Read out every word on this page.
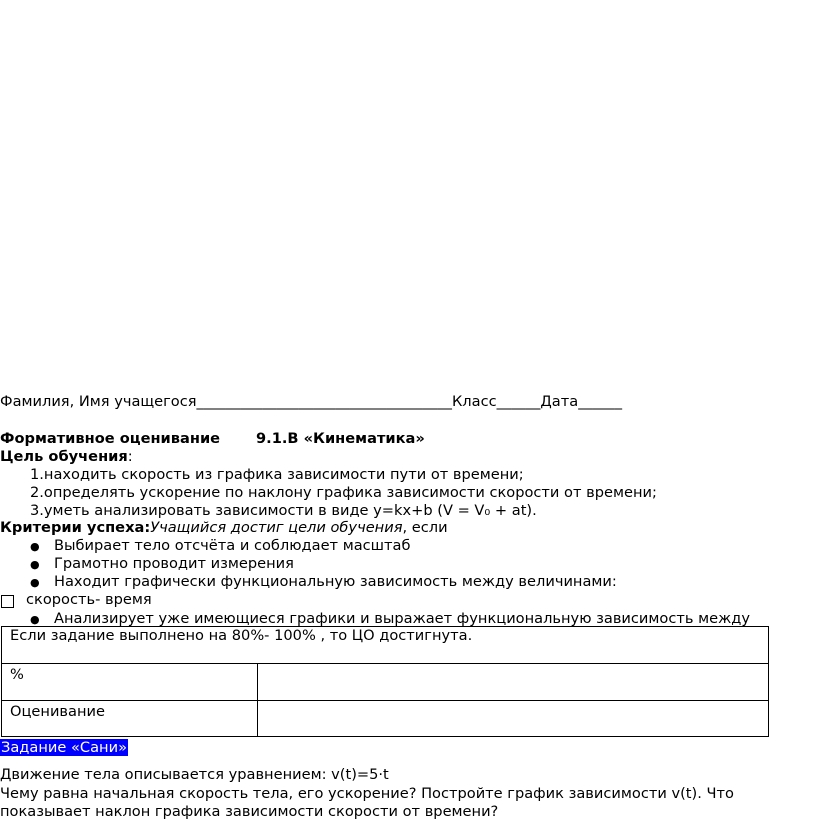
Фамилия, Имя учащегося___________________________________Класс______Дата______
Формативное оценивание 9.1.В «Кинематика»
Цель обучения:
1.находить скорость из графика зависимости пути от времени;
2.определять ускорение по наклону графика зависимости скорости от времени;
3.уметь анализировать зависимости в виде y=kx+b (V = V₀ + at).
Критерии успеха:Учащийся достиг цели обучения, если
● Выбирает тело отсчёта и соблюдает масштаб
● Грамотно проводит измерения
● Находит графически функциональную зависимость между величинами:
скорость- время
● Анализирует уже имеющиеся графики и выражает функциональную зависимость между
Если задание выполнено на 80%- 100% , то ЦО достигнута.	
%	
Оценивание	
Задание «Сани»
Движение тела описывается уравнением: v(t)=5·t
Чему равна начальная скорость тела, его ускорение? Постройте график зависимости v(t). Что
показывает наклон графика зависимости скорости от времени?
